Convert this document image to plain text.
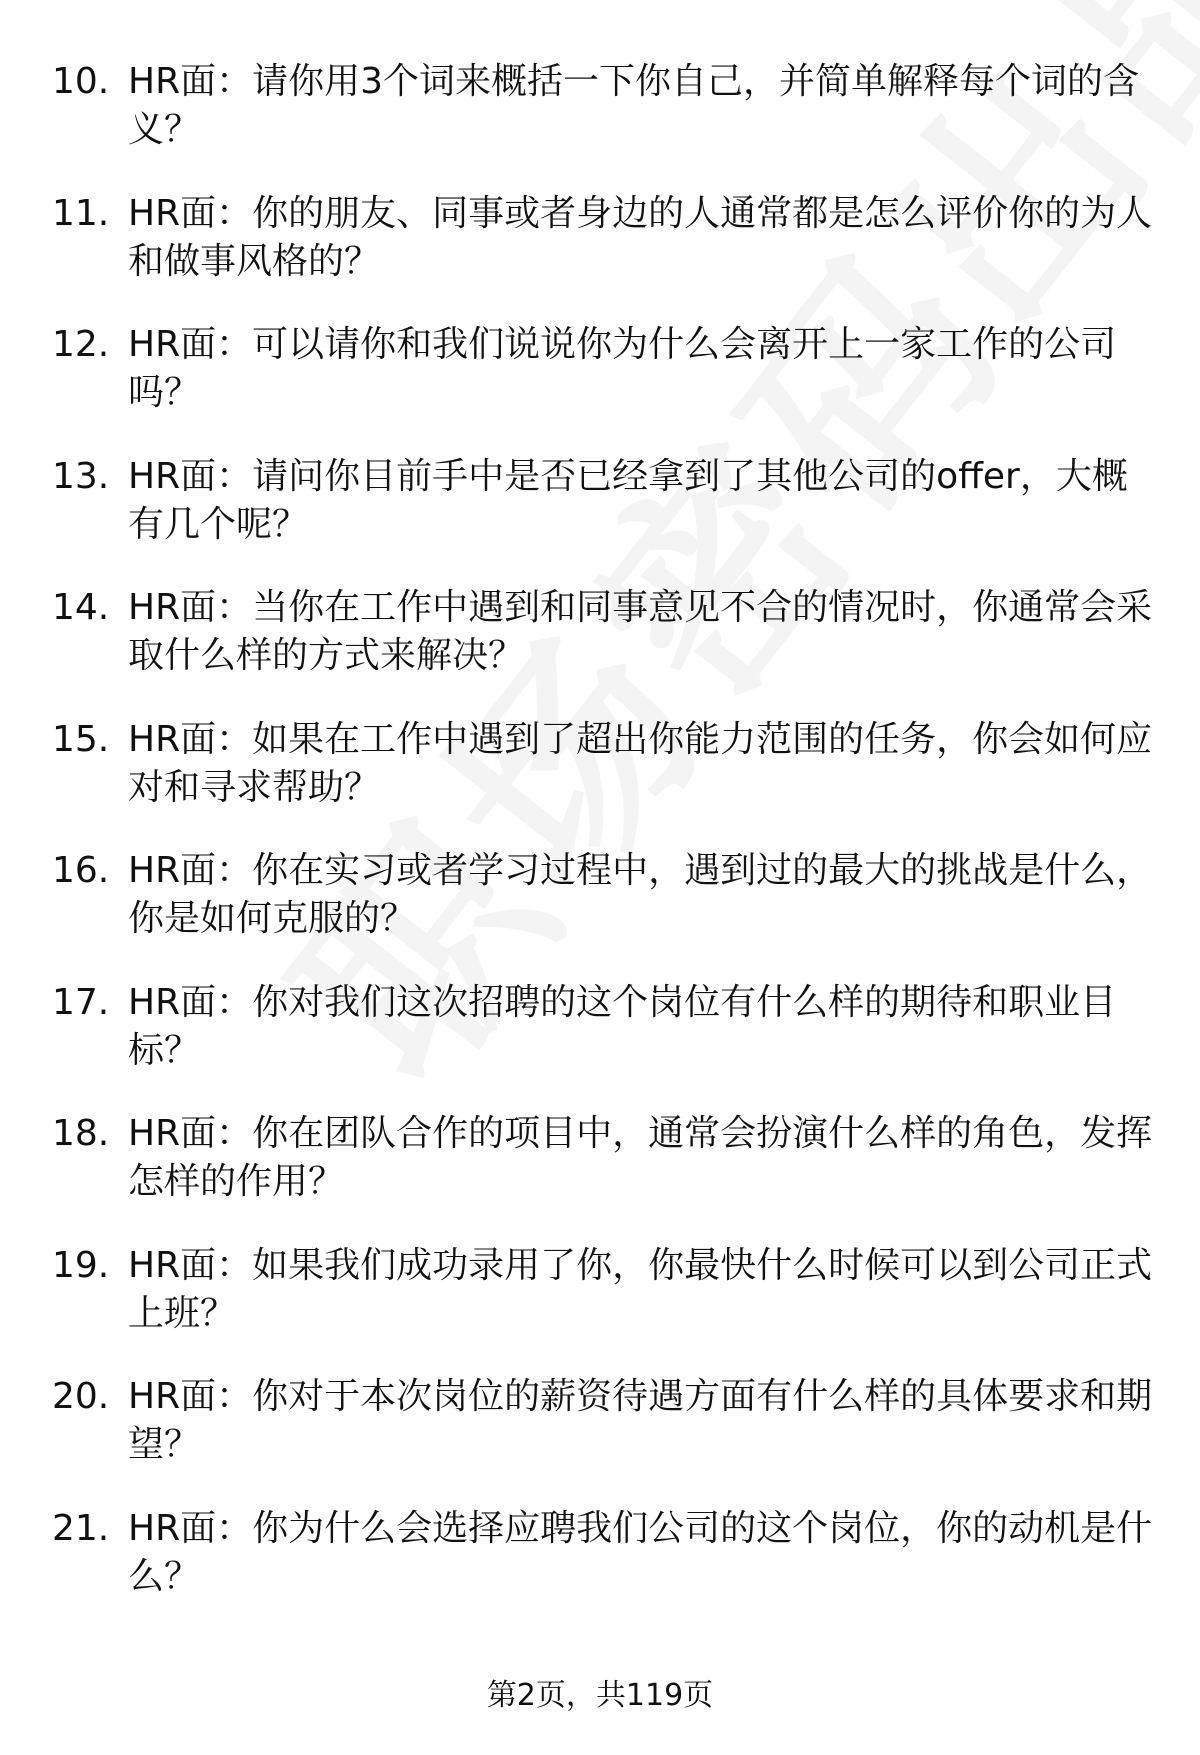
10. HR面：请你用3个词来概括一下你自己，并简单解释每个词的含义？
11. HR面：你的朋友、同事或者身边的人通常都是怎么评价你的为人和做事风格的？
12. HR面：可以请你和我们说说你为什么会离开上一家工作的公司吗？
13. HR面：请问你目前手中是否已经拿到了其他公司的offer，大概有几个呢？
14. HR面：当你在工作中遇到和同事意见不合的情况时，你通常会采取什么样的方式来解决？
15. HR面：如果在工作中遇到了超出你能力范围的任务，你会如何应对和寻求帮助？
16. HR面：你在实习或者学习过程中，遇到过的最大的挑战是什么，你是如何克服的？
17. HR面：你对我们这次招聘的这个岗位有什么样的期待和职业目标？
18. HR面：你在团队合作的项目中，通常会扮演什么样的角色，发挥怎样的作用？
19. HR面：如果我们成功录用了你，你最快什么时候可以到公司正式上班？
20. HR面：你对于本次岗位的薪资待遇方面有什么样的具体要求和期望？
21. HR面：你为什么会选择应聘我们公司的这个岗位，你的动机是什么？
第2页，共119页
